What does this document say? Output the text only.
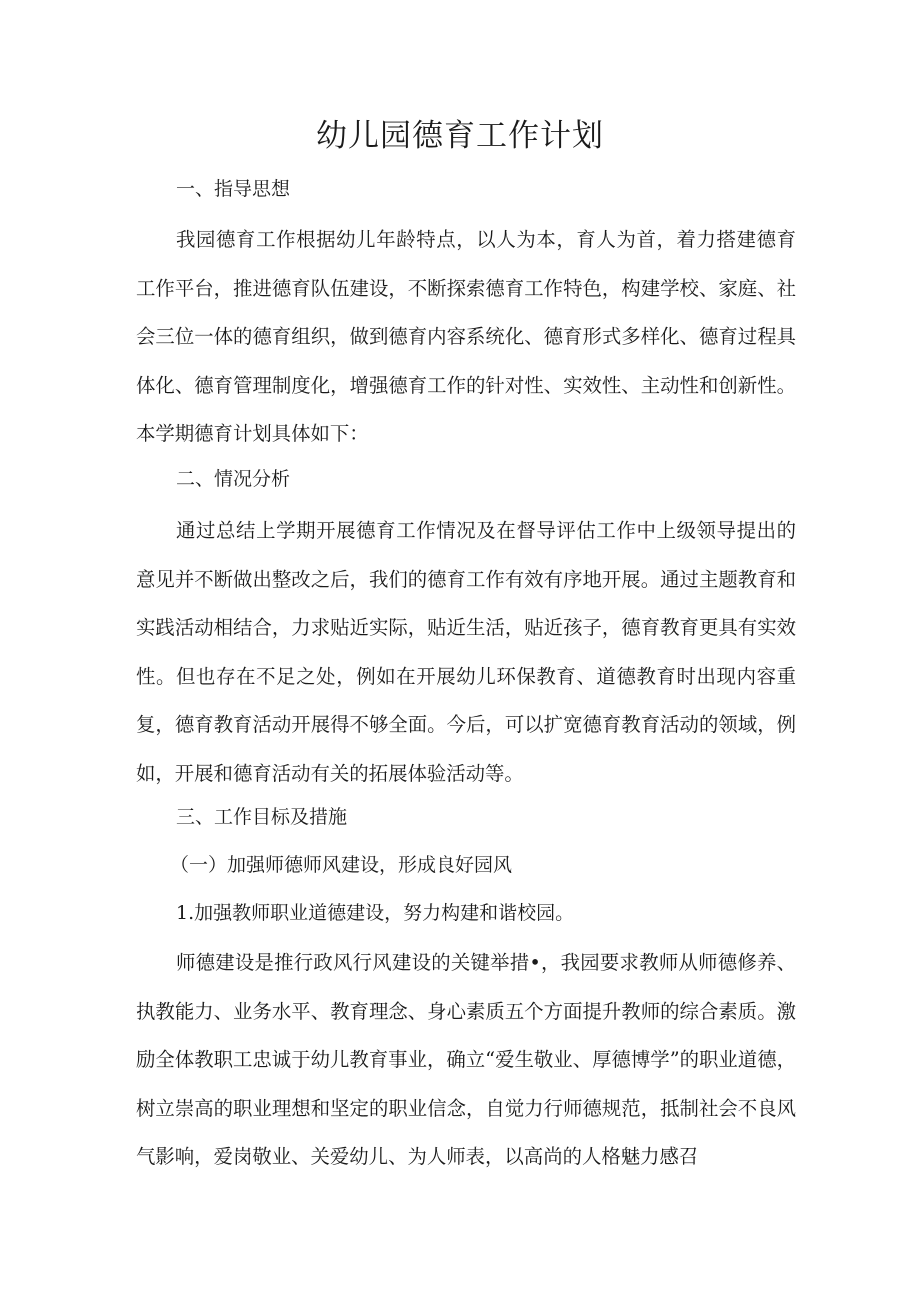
幼儿园德育工作计划

一、指导思想

我园德育工作根据幼儿年龄特点，以人为本，育人为首，着力搭建德育工作平台，推进德育队伍建设，不断探索德育工作特色，构建学校、家庭、社会三位一体的德育组织，做到德育内容系统化、德育形式多样化、德育过程具体化、德育管理制度化，增强德育工作的针对性、实效性、主动性和创新性。本学期德育计划具体如下：

二、情况分析

通过总结上学期开展德育工作情况及在督导评估工作中上级领导提出的意见并不断做出整改之后，我们的德育工作有效有序地开展。通过主题教育和实践活动相结合，力求贴近实际，贴近生活，贴近孩子，德育教育更具有实效性。但也存在不足之处，例如在开展幼儿环保教育、道德教育时出现内容重复，德育教育活动开展得不够全面。今后，可以扩宽德育教育活动的领域，例如，开展和德育活动有关的拓展体验活动等。

三、工作目标及措施

（一）加强师德师风建设，形成良好园风

1.加强教师职业道德建设，努力构建和谐校园。

师德建设是推行政风行风建设的关键举措•，我园要求教师从师德修养、执教能力、业务水平、教育理念、身心素质五个方面提升教师的综合素质。激励全体教职工忠诚于幼儿教育事业，确立“爱生敬业、厚德博学”的职业道德，树立崇高的职业理想和坚定的职业信念，自觉力行师德规范，抵制社会不良风气影响，爱岗敬业、关爱幼儿、为人师表，以高尚的人格魅力感召
